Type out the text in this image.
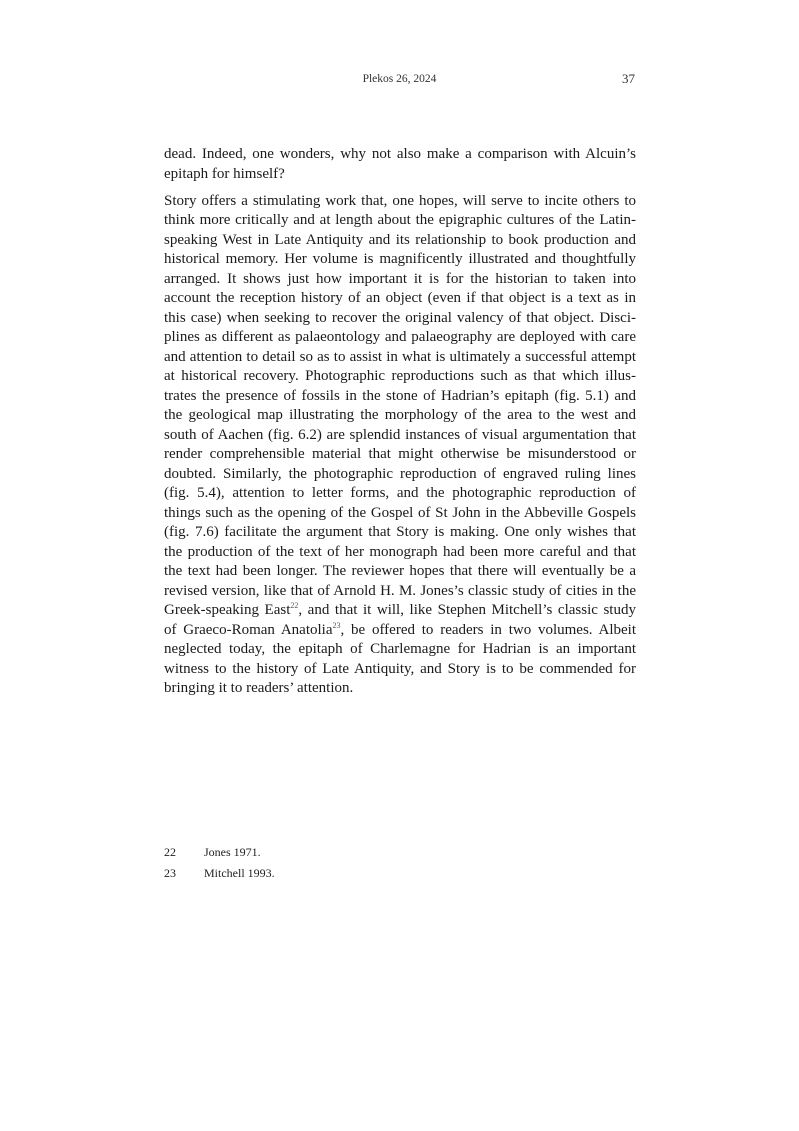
Plekos 26, 2024	37
dead. Indeed, one wonders, why not also make a comparison with Alcuin’s
epitaph for himself?
Story offers a stimulating work that, one hopes, will serve to incite others to
think more critically and at length about the epigraphic cultures of the Latin-
speaking West in Late Antiquity and its relationship to book production and
historical memory. Her volume is magnificently illustrated and thoughtfully
arranged. It shows just how important it is for the historian to taken into
account the reception history of an object (even if that object is a text as in
this case) when seeking to recover the original valency of that object. Disci-
plines as different as palaeontology and palaeography are deployed with care
and attention to detail so as to assist in what is ultimately a successful attempt
at historical recovery. Photographic reproductions such as that which illus-
trates the presence of fossils in the stone of Hadrian’s epitaph (fig. 5.1) and
the geological map illustrating the morphology of the area to the west and
south of Aachen (fig. 6.2) are splendid instances of visual argumentation that
render comprehensible material that might otherwise be misunderstood or
doubted. Similarly, the photographic reproduction of engraved ruling lines
(fig. 5.4), attention to letter forms, and the photographic reproduction of
things such as the opening of the Gospel of St John in the Abbeville Gospels
(fig. 7.6) facilitate the argument that Story is making. One only wishes that
the production of the text of her monograph had been more careful and that
the text had been longer. The reviewer hopes that there will eventually be a
revised version, like that of Arnold H. M. Jones’s classic study of cities in the
Greek-speaking East$^{22}$, and that it will, like Stephen Mitchell’s classic study
of Graeco-Roman Anatolia$^{23}$, be offered to readers in two volumes. Albeit
neglected today, the epitaph of Charlemagne for Hadrian is an important
witness to the history of Late Antiquity, and Story is to be commended for
bringing it to readers’ attention.
22 Jones 1971.
23 Mitchell 1993.
